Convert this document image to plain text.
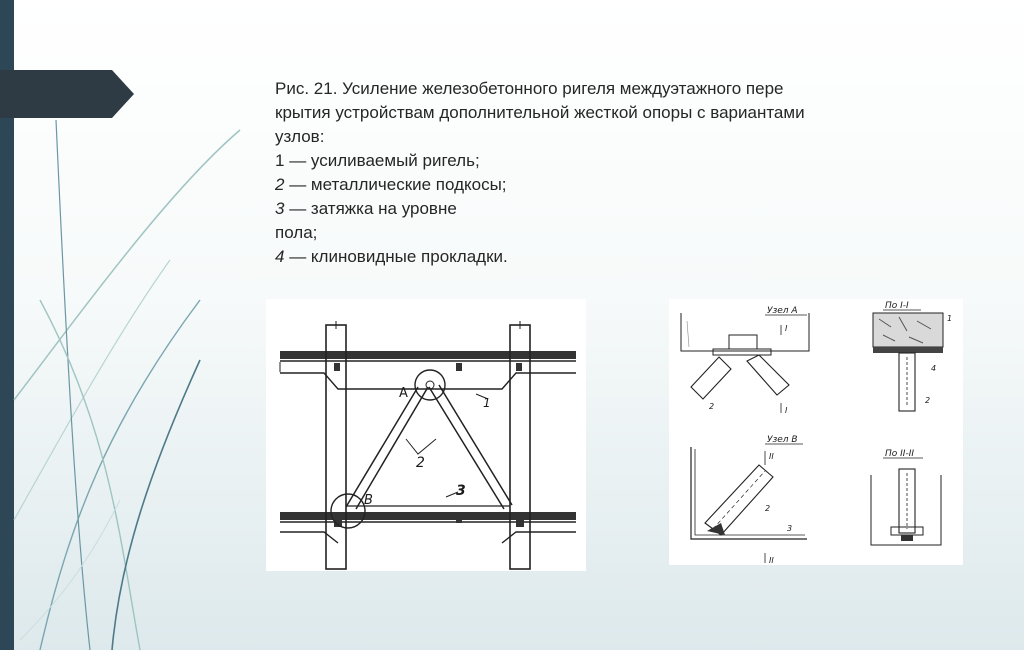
Рис. 21. Усиление железобетонного ригеля междуэтажного пере
крытия устройствам дополнительной жесткой опоры с вариантами
узлов:
1 — усиливаемый ригель;
2 — металлические подкосы;
3 — затяжка на уровне
пола;
4 — клиновидные прокладки.
A
B
1
2
3
Узел А
I
I
2
По I-I
1
4
2
Узел В
II
II
2
3
По II-II
